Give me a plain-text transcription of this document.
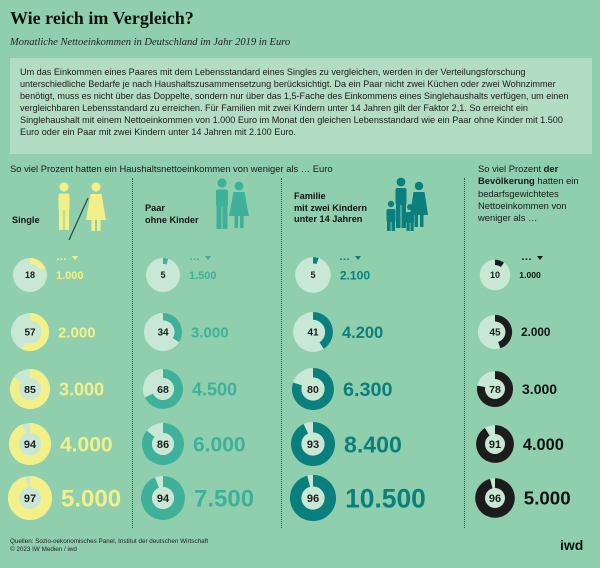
Wie reich im Vergleich?
Monatliche Nettoeinkommen in Deutschland im Jahr 2019 in Euro
Um das Einkommen eines Paares mit dem Lebensstandard eines Singles zu vergleichen, werden in der Verteilungsforschung unterschiedliche Bedarfe je nach Haushaltszusammensetzung berücksichtigt. Da ein Paar nicht zwei Küchen oder zwei Wohnzimmer benötigt, muss es nicht über das Doppelte, sondern nur über das 1,5-Fache des Einkommens eines Singlehaushalts verfügen, um einen vergleichbaren Lebensstandard zu erreichen. Für Familien mit zwei Kindern unter 14 Jahren gilt der Faktor 2,1. So erreicht ein Singlehaushalt mit einem Nettoeinkommen von 1.000 Euro im Monat den gleichen Lebensstandard wie ein Paar ohne Kinder mit 1.500 Euro oder ein Paar mit zwei Kindern unter 14 Jahren mit 2.100 Euro.
So viel Prozent hatten ein Haushaltsnettoeinkommen von weniger als … Euro	So viel Prozent der Bevölkerung hatten ein bedarfsgewichtetes Nettoeinkommen von weniger als …
Single
Paar
ohne Kinder
Familie
mit zwei Kindern
unter 14 Jahren
…
18 1.000
57 2.000
85 3.000
94 4.000
97 5.000
…
5 1.500
34 3.000
68 4.500
86 6.000
94 7.500
…
5 2.100
41 4.200
80 6.300
93 8.400
96 10.500
…
10 1.000
45 2.000
78 3.000
91 4.000
96 5.000
Quellen: Sozio-oekonomisches Panel, Institut der deutschen Wirtschaft
© 2023 IW Medien / iwd	iwd
